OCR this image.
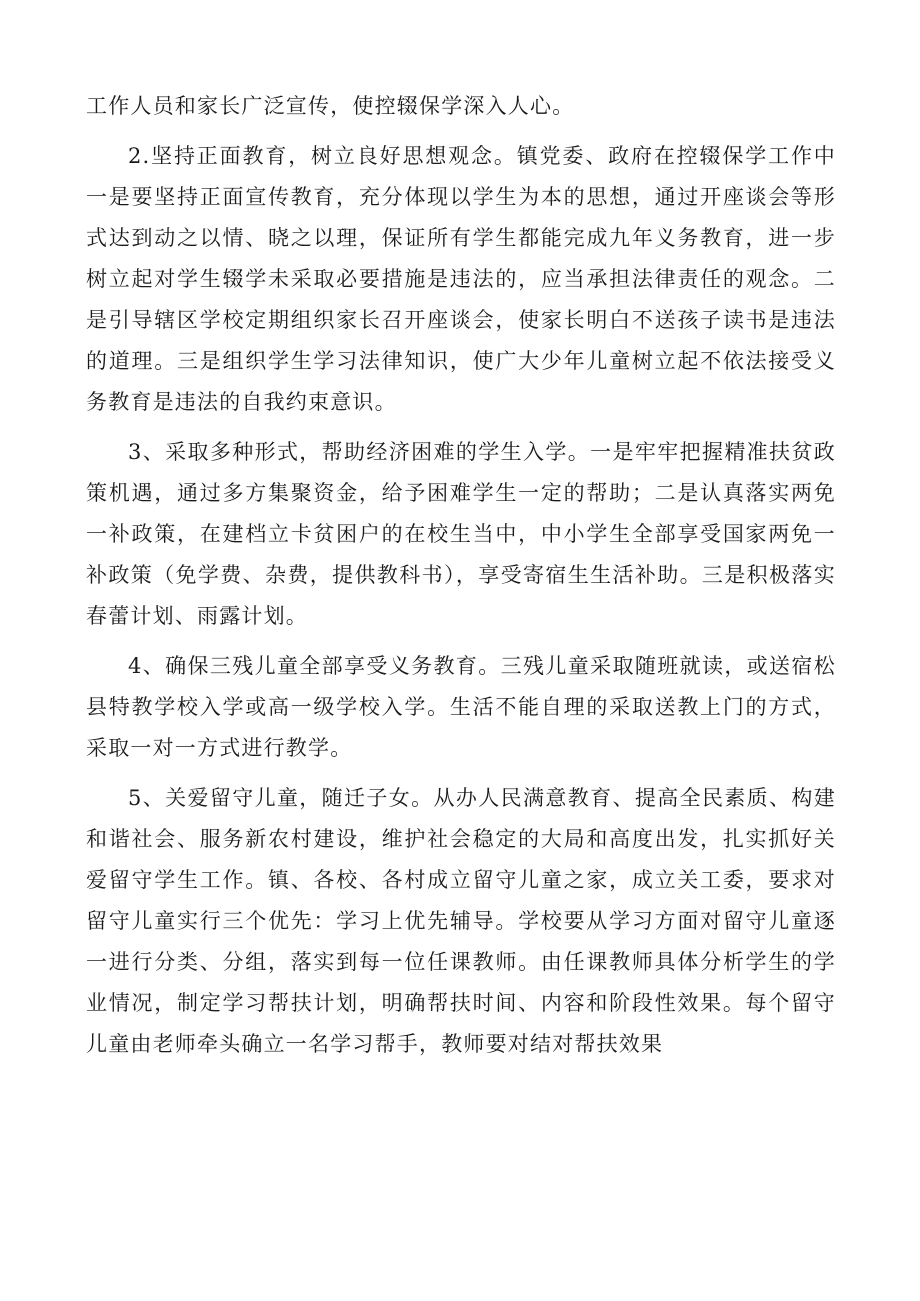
工作人员和家长广泛宣传，使控辍保学深入人心。

2.坚持正面教育，树立良好思想观念。镇党委、政府在控辍保学工作中一是要坚持正面宣传教育，充分体现以学生为本的思想，通过开座谈会等形式达到动之以情、晓之以理，保证所有学生都能完成九年义务教育，进一步树立起对学生辍学未采取必要措施是违法的，应当承担法律责任的观念。二是引导辖区学校定期组织家长召开座谈会，使家长明白不送孩子读书是违法的道理。三是组织学生学习法律知识，使广大少年儿童树立起不依法接受义务教育是违法的自我约束意识。

3、采取多种形式，帮助经济困难的学生入学。一是牢牢把握精准扶贫政策机遇，通过多方集聚资金，给予困难学生一定的帮助；二是认真落实两免一补政策，在建档立卡贫困户的在校生当中，中小学生全部享受国家两免一补政策（免学费、杂费，提供教科书），享受寄宿生生活补助。三是积极落实春蕾计划、雨露计划。

4、确保三残儿童全部享受义务教育。三残儿童采取随班就读，或送宿松县特教学校入学或高一级学校入学。生活不能自理的采取送教上门的方式，采取一对一方式进行教学。

5、关爱留守儿童，随迁子女。从办人民满意教育、提高全民素质、构建和谐社会、服务新农村建设，维护社会稳定的大局和高度出发，扎实抓好关爱留守学生工作。镇、各校、各村成立留守儿童之家，成立关工委，要求对留守儿童实行三个优先：学习上优先辅导。学校要从学习方面对留守儿童逐一进行分类、分组，落实到每一位任课教师。由任课教师具体分析学生的学业情况，制定学习帮扶计划，明确帮扶时间、内容和阶段性效果。每个留守儿童由老师牵头确立一名学习帮手，教师要对结对帮扶效果
